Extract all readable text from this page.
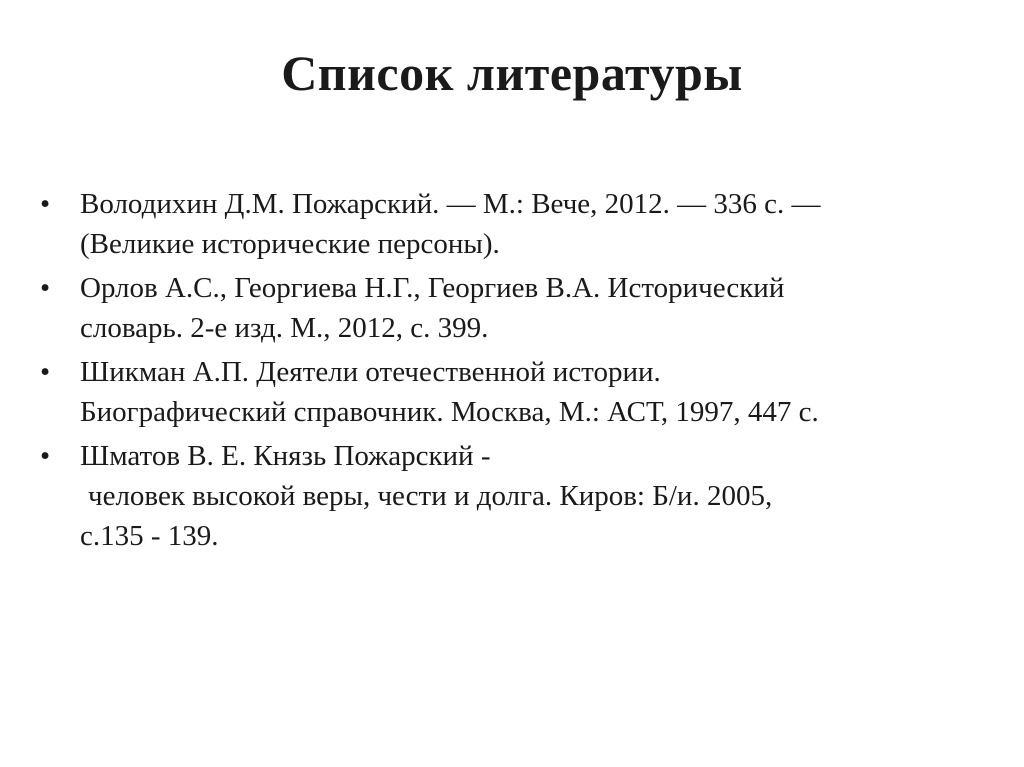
Список литературы
•	Володихин Д.М. Пожарский. — М.: Вече, 2012. — 336 с. —
(Великие исторические персоны).
•	Орлов А.С., Георгиева Н.Г., Георгиев В.А. Исторический
словарь. 2-е изд. М., 2012, с. 399.
•	Шикман А.П. Деятели отечественной истории.
Биографический справочник. Москва, М.: АСТ, 1997, 447 с.
•	Шматов В. Е. Князь Пожарский -
человек высокой веры, чести и долга. Киров: Б/и. 2005,
с.135 - 139.
